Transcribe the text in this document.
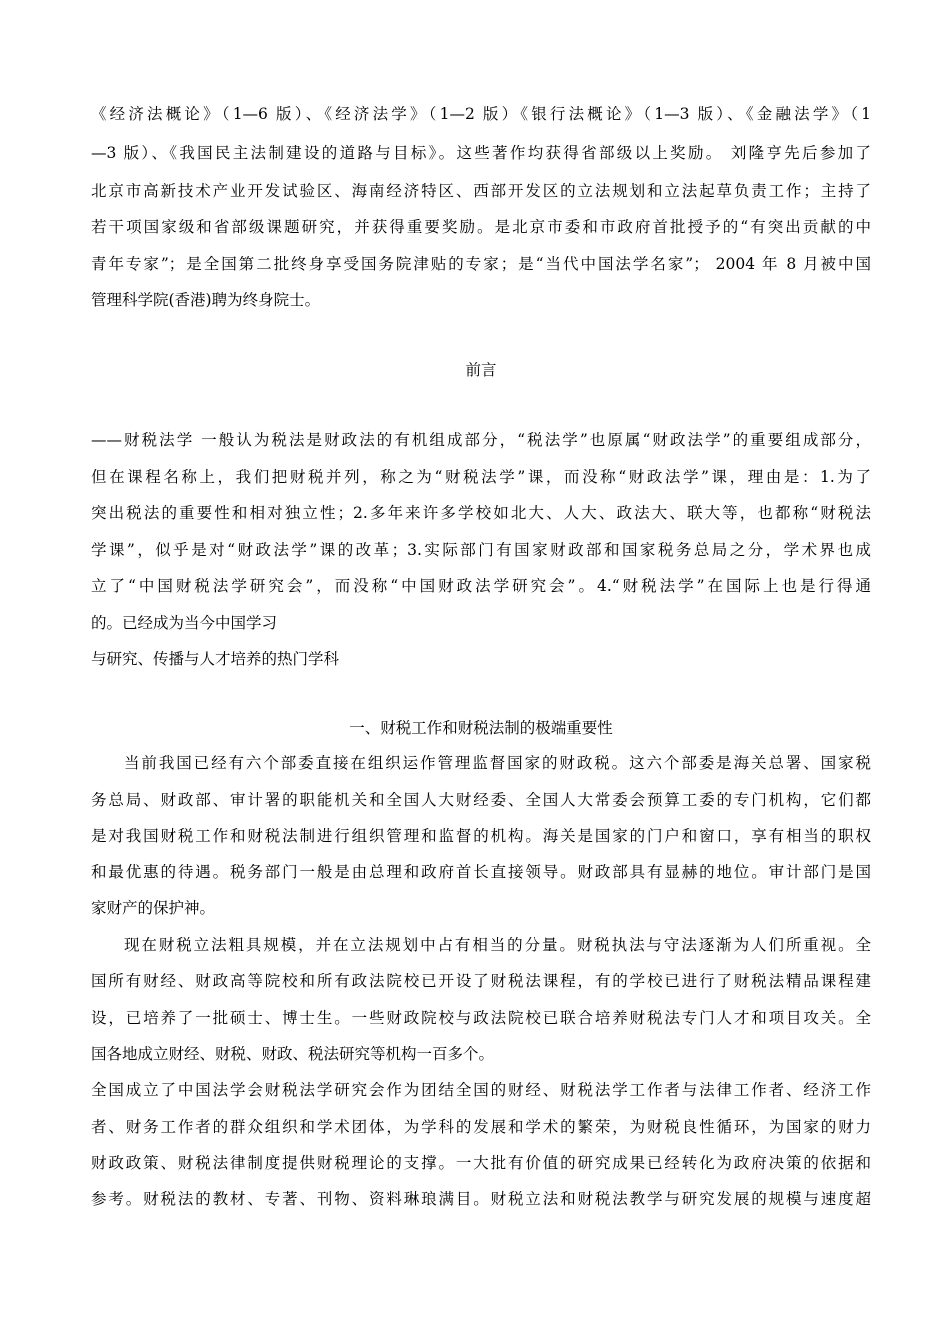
《经济法概论》（1—6 版）、《经济法学》（1—2 版）《银行法概论》（1—3 版）、《金融法学》（1
—3 版）、《我国民主法制建设的道路与目标》。这些著作均获得省部级以上奖励。 刘隆亨先后参加了
北京市高新技术产业开发试验区、海南经济特区、西部开发区的立法规划和立法起草负责工作；主持了
若干项国家级和省部级课题研究，并获得重要奖励。是北京市委和市政府首批授予的“有突出贡献的中
青年专家”；是全国第二批终身享受国务院津贴的专家；是“当代中国法学名家”； 2004 年 8 月被中国
管理科学院(香港)聘为终身院士。
前言
——财税法学 一般认为税法是财政法的有机组成部分，“税法学”也原属“财政法学”的重要组成部分，
但在课程名称上，我们把财税并列，称之为“财税法学”课，而没称“财政法学”课，理由是：1.为了
突出税法的重要性和相对独立性；2.多年来许多学校如北大、人大、政法大、联大等，也都称“财税法
学课”，似乎是对“财政法学”课的改革；3.实际部门有国家财政部和国家税务总局之分，学术界也成
立了“中国财税法学研究会”，而没称“中国财政法学研究会”。4.“财税法学”在国际上也是行得通
的。已经成为当今中国学习
与研究、传播与人才培养的热门学科
一、财税工作和财税法制的极端重要性
当前我国已经有六个部委直接在组织运作管理监督国家的财政税。这六个部委是海关总署、国家税
务总局、财政部、审计署的职能机关和全国人大财经委、全国人大常委会预算工委的专门机构，它们都
是对我国财税工作和财税法制进行组织管理和监督的机构。海关是国家的门户和窗口，享有相当的职权
和最优惠的待遇。税务部门一般是由总理和政府首长直接领导。财政部具有显赫的地位。审计部门是国
家财产的保护神。
现在财税立法粗具规模，并在立法规划中占有相当的分量。财税执法与守法逐渐为人们所重视。全
国所有财经、财政高等院校和所有政法院校已开设了财税法课程，有的学校已进行了财税法精品课程建
设，已培养了一批硕士、博士生。一些财政院校与政法院校已联合培养财税法专门人才和项目攻关。全
国各地成立财经、财税、财政、税法研究等机构一百多个。
全国成立了中国法学会财税法学研究会作为团结全国的财经、财税法学工作者与法律工作者、经济工作
者、财务工作者的群众组织和学术团体，为学科的发展和学术的繁荣，为财税良性循环，为国家的财力
财政政策、财税法律制度提供财税理论的支撑。一大批有价值的研究成果已经转化为政府决策的依据和
参考。财税法的教材、专著、刊物、资料琳琅满目。财税立法和财税法教学与研究发展的规模与速度超
